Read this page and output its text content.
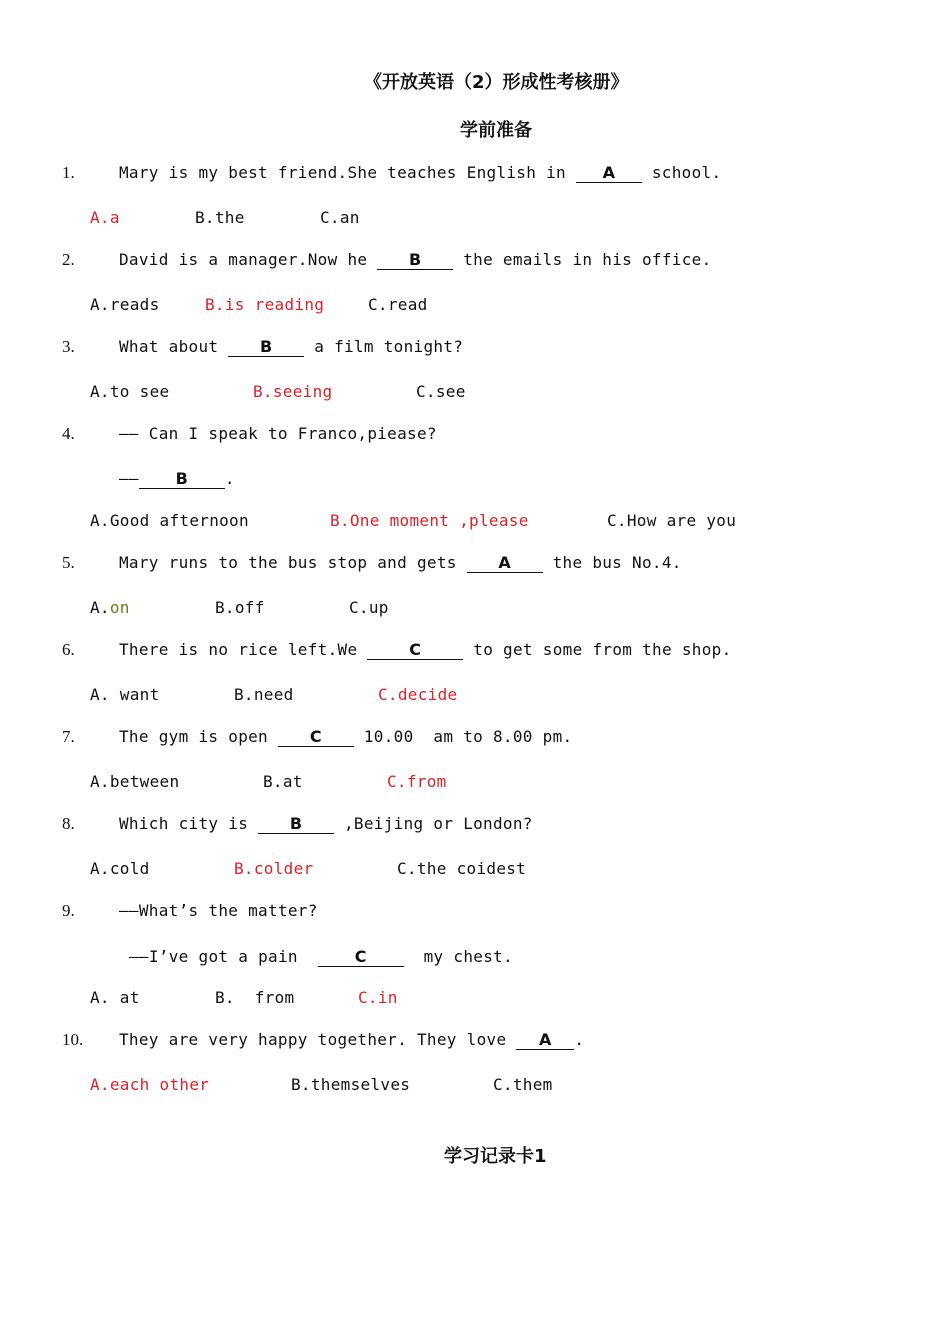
《开放英语（2）形成性考核册》
学前准备
1.	Mary is my best friend.She teaches English in A school.
A.a	B.the	C.an
2.	David is a manager.Now he B the emails in his office.
A.reads	B.is reading	C.read
3.	What about B a film tonight?
A.to see	B.seeing	C.see
4.	—— Can I speak to Franco,piease?
—— B .
A.Good afternoon	B.One moment ,please	C.How are you
5.	Mary runs to the bus stop and gets A the bus No.4.
A.on	B.off	C.up
6.	There is no rice left.We	C	to get some from the shop.
A. want	B.need	C.decide
7.	The gym is open C 10.00  am to 8.00 pm.
A.between	B.at	C.from
8.	Which city is B ,Beijing or London?
A.cold	B.colder	C.the coidest
9.	——What’s the matter?
——I’ve got a pain	C  my chest.
A. at	B.  from	C.in
10. They are very happy together. They love A .
A.each other	B.themselves	C.them
学习记录卡1
